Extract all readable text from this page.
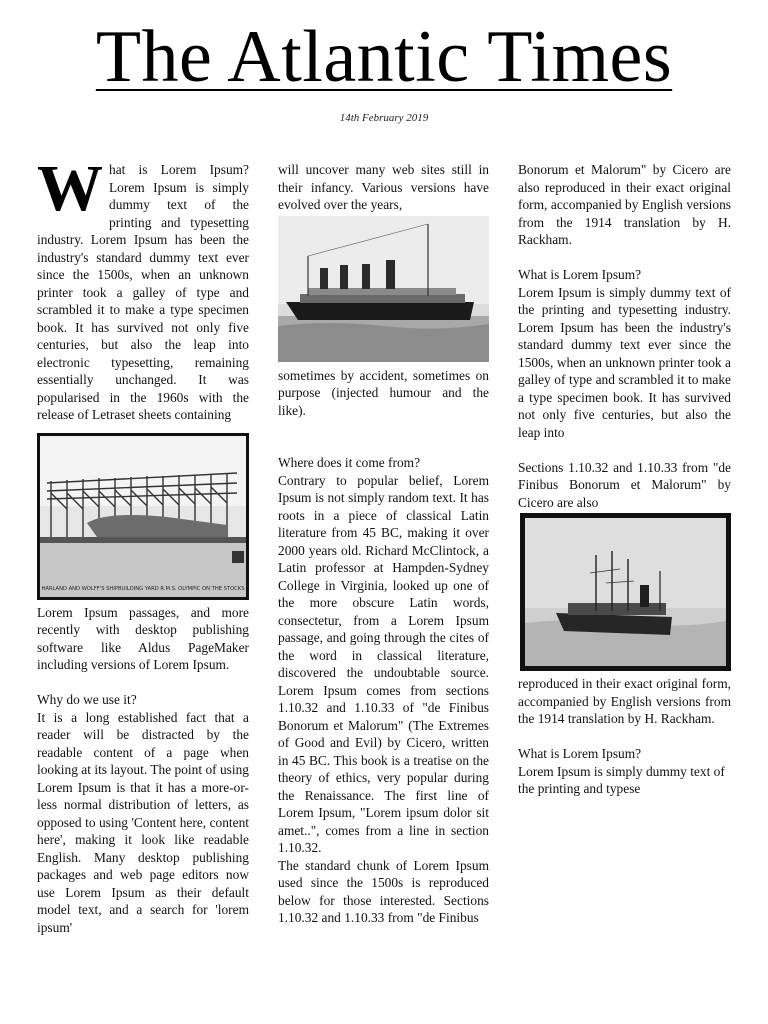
The Atlantic Times
14th February 2019

What is Lorem Ipsum? Lorem Ipsum is simply dummy text of the printing and typesetting industry. Lorem Ipsum has been the industry's standard dummy text ever since the 1500s, when an unknown printer took a galley of type and scrambled it to make a type specimen book. It has survived not only five centuries, but also the leap into electronic typesetting, remaining essentially unchanged. It was popularised in the 1960s with the release of Letraset sheets containing

HARLAND AND WOLFF'S SHIPBUILDING YARD R.M.S. OLYMPIC ON THE STOCKS

Lorem Ipsum passages, and more recently with desktop publishing software like Aldus PageMaker including versions of Lorem Ipsum.

Why do we use it?

It is a long established fact that a reader will be distracted by the readable content of a page when looking at its layout. The point of using Lorem Ipsum is that it has a more-or-less normal distribution of letters, as opposed to using 'Content here, content here', making it look like readable English. Many desktop publishing packages and web page editors now use Lorem Ipsum as their default model text, and a search for 'lorem ipsum'

will uncover many web sites still in their infancy. Various versions have evolved over the years,

sometimes by accident, sometimes on purpose (injected humour and the like).

Where does it come from?

Contrary to popular belief, Lorem Ipsum is not simply random text. It has roots in a piece of classical Latin literature from 45 BC, making it over 2000 years old. Richard McClintock, a Latin professor at Hampden-Sydney College in Virginia, looked up one of the more obscure Latin words, consectetur, from a Lorem Ipsum passage, and going through the cites of the word in classical literature, discovered the undoubtable source. Lorem Ipsum comes from sections 1.10.32 and 1.10.33 of "de Finibus Bonorum et Malorum" (The Extremes of Good and Evil) by Cicero, written in 45 BC. This book is a treatise on the theory of ethics, very popular during the Renaissance. The first line of Lorem Ipsum, "Lorem ipsum dolor sit amet..", comes from a line in section 1.10.32.

The standard chunk of Lorem Ipsum used since the 1500s is reproduced below for those interested. Sections 1.10.32 and 1.10.33 from "de Finibus

Bonorum et Malorum" by Cicero are also reproduced in their exact original form, accompanied by English versions from the 1914 translation by H. Rackham.

What is Lorem Ipsum?

Lorem Ipsum is simply dummy text of the printing and typesetting industry. Lorem Ipsum has been the industry's standard dummy text ever since the 1500s, when an unknown printer took a galley of type and scrambled it to make a type specimen book. It has survived not only five centuries, but also the leap into

Sections 1.10.32 and 1.10.33 from "de Finibus Bonorum et Malorum" by Cicero are also

reproduced in their exact original form, accompanied by English versions from the 1914 translation by H. Rackham.

What is Lorem Ipsum?

Lorem Ipsum is simply dummy text of the printing and typese
